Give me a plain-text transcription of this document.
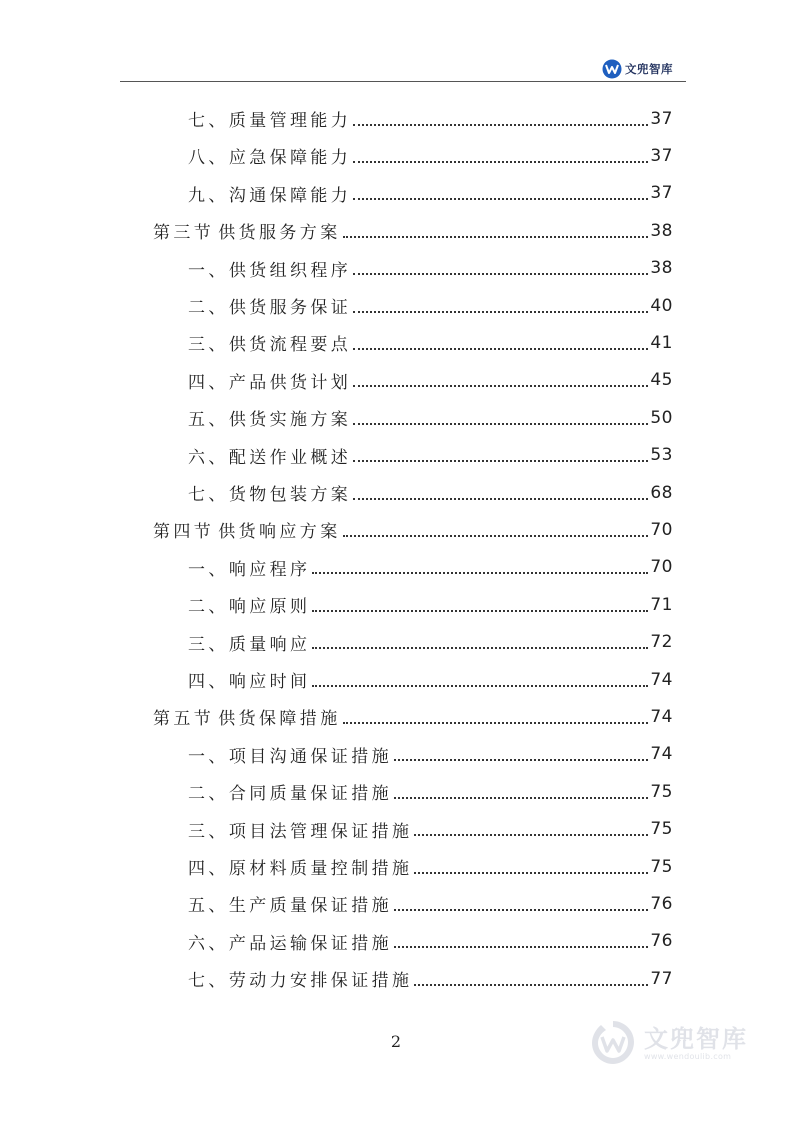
文兜智库
七、 质量管理能力	37
八、 应急保障能力	37
九、 沟通保障能力	37
第三节 供货服务方案	38
一、 供货组织程序	38
二、 供货服务保证	40
三、 供货流程要点	41
四、 产品供货计划	45
五、 供货实施方案	50
六、 配送作业概述	53
七、 货物包装方案	68
第四节 供货响应方案	70
一、 响应程序	70
二、 响应原则	71
三、 质量响应	72
四、 响应时间	74
第五节 供货保障措施	74
一、 项目沟通保证措施	74
二、 合同质量保证措施	75
三、 项目法管理保证措施	75
四、 原材料质量控制措施	75
五、 生产质量保证措施	76
六、 产品运输保证措施	76
七、 劳动力安排保证措施	77
2	文兜智库
www.wendoulib.com
